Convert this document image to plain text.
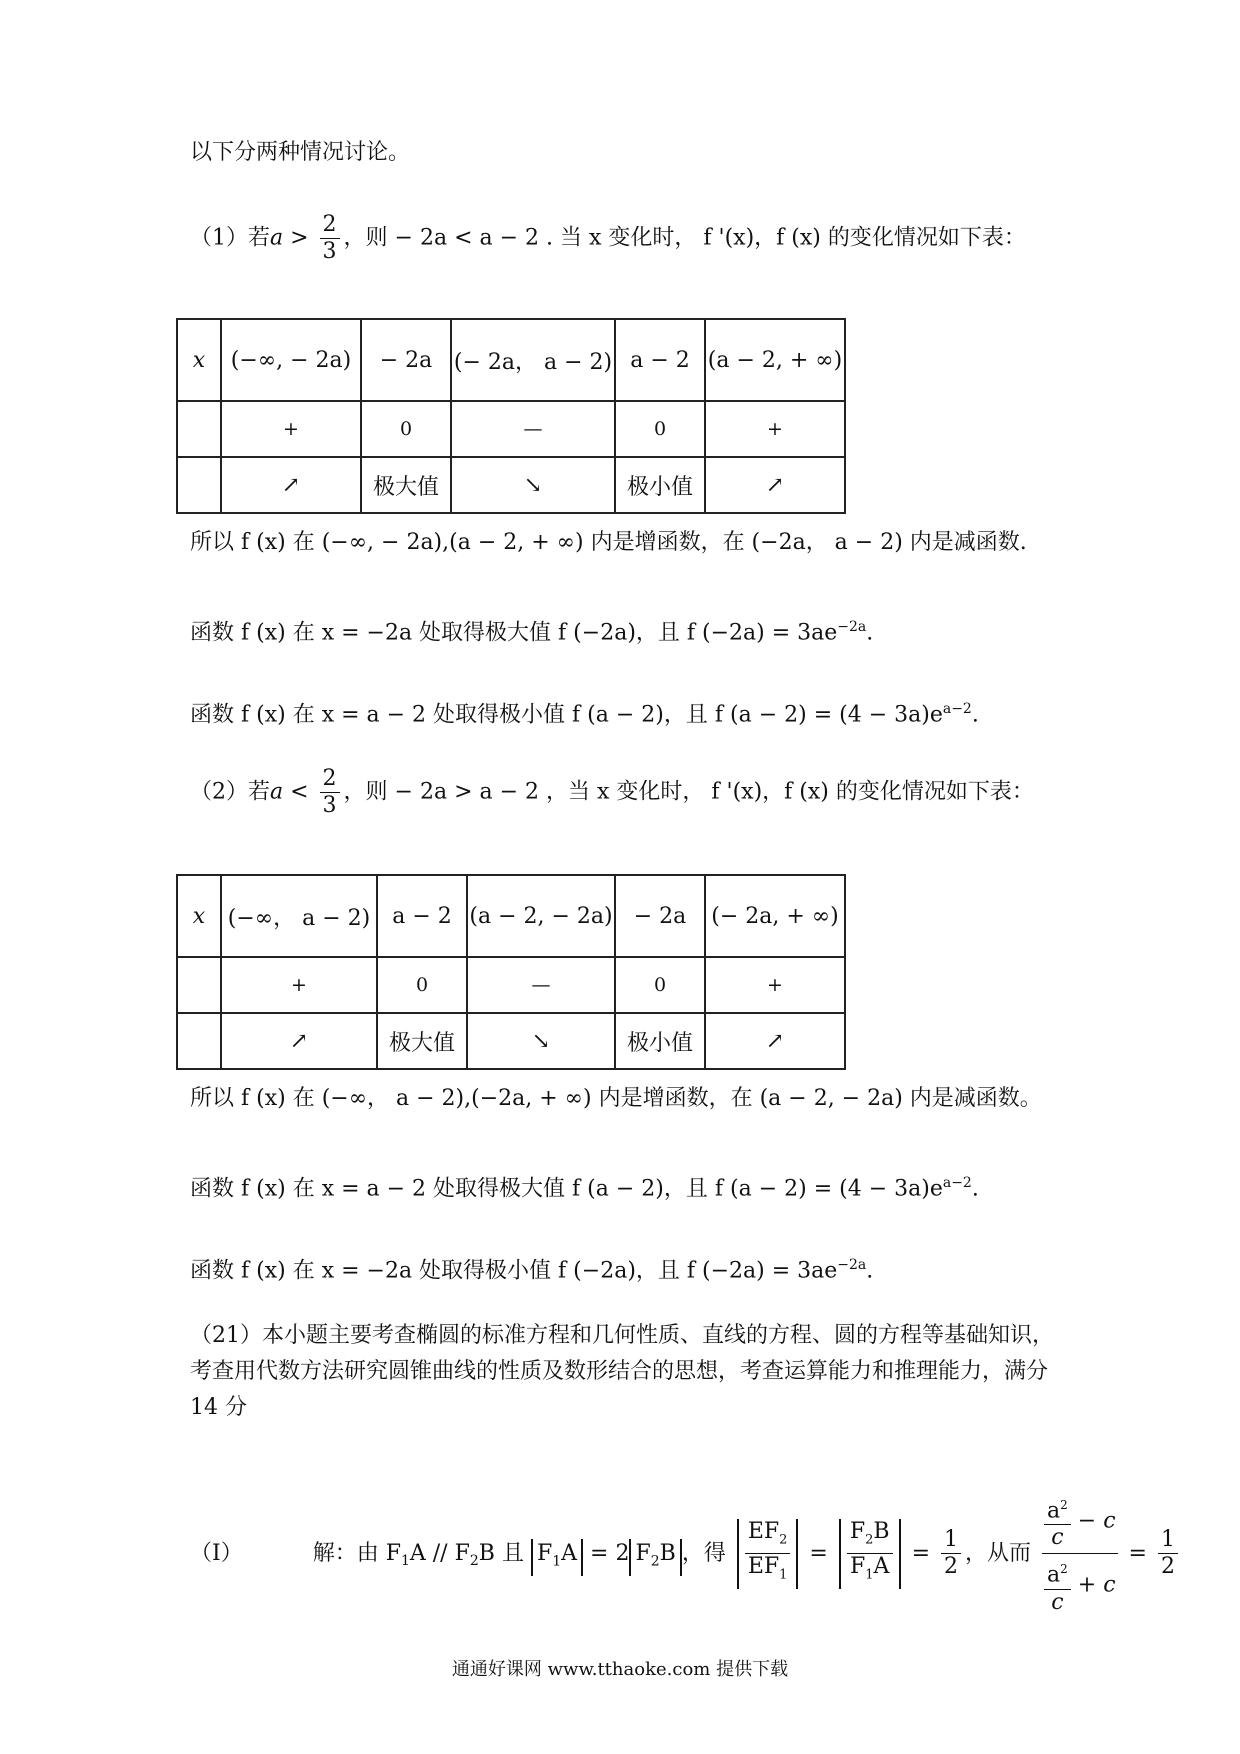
以下分两种情况讨论。
（1）若$a > \frac{2}{3}$ ，则 − 2a < a − 2 . 当 x 变化时， f '(x)，f (x) 的变化情况如下表：
x	(−∞, − 2a)	− 2a	(− 2a， a − 2)	a − 2	(a − 2, + ∞)
	+	0	—	0	+
	↗	极大值	↘	极小值	↗
所以 f (x) 在 (−∞, − 2a),(a − 2, + ∞) 内是增函数，在 (−2a， a − 2) 内是减函数.
函数 f (x) 在 x = −2a 处取得极大值 f (−2a)，且 f $(-2a) = 3ae^{-2a}$.
函数 f (x) 在 x = a − 2 处取得极小值 f (a − 2)，且 f $(a - 2) = (4 - 3a)e^{a-2}$.
（2）若$a < \frac{2}{3}$ ，则 − 2a > a − 2 ，当 x 变化时， f '(x)，f (x) 的变化情况如下表：
x	(−∞， a − 2)	a − 2	(a − 2, − 2a)	− 2a	(− 2a, + ∞)
	+	0	—	0	+
	↗	极大值	↘	极小值	↗
所以 f (x) 在 (−∞， a − 2),(−2a, + ∞) 内是增函数，在 (a − 2, − 2a) 内是减函数。
函数 f (x) 在 x = a − 2 处取得极大值 f (a − 2)，且 f $(a - 2) = (4 - 3a)e^{a-2}$.
函数 f (x) 在 x = −2a 处取得极小值 f (−2a)，且 f $(-2a) = 3ae^{-2a}$.

（21）本小题主要考查椭圆的标准方程和几何性质、直线的方程、圆的方程等基础知识，考查用代数方法研究圆锥曲线的性质及数形结合的思想，考查运算能力和推理能力，满分 14 分

（I）	解：由 $F_1A // F_2B$ 且 $F_1A = 2$ $F_2B$ ，得 $\frac{EF_2}{EF_1} = \frac{F_2B}{F_1A} = \frac{1}{2}$ ，从而 $\frac{\frac{a^2}{c} - c}{\frac{a^2}{c} + c} = \frac{1}{2}$
通通好课网 www.tthaoke.com 提供下载
